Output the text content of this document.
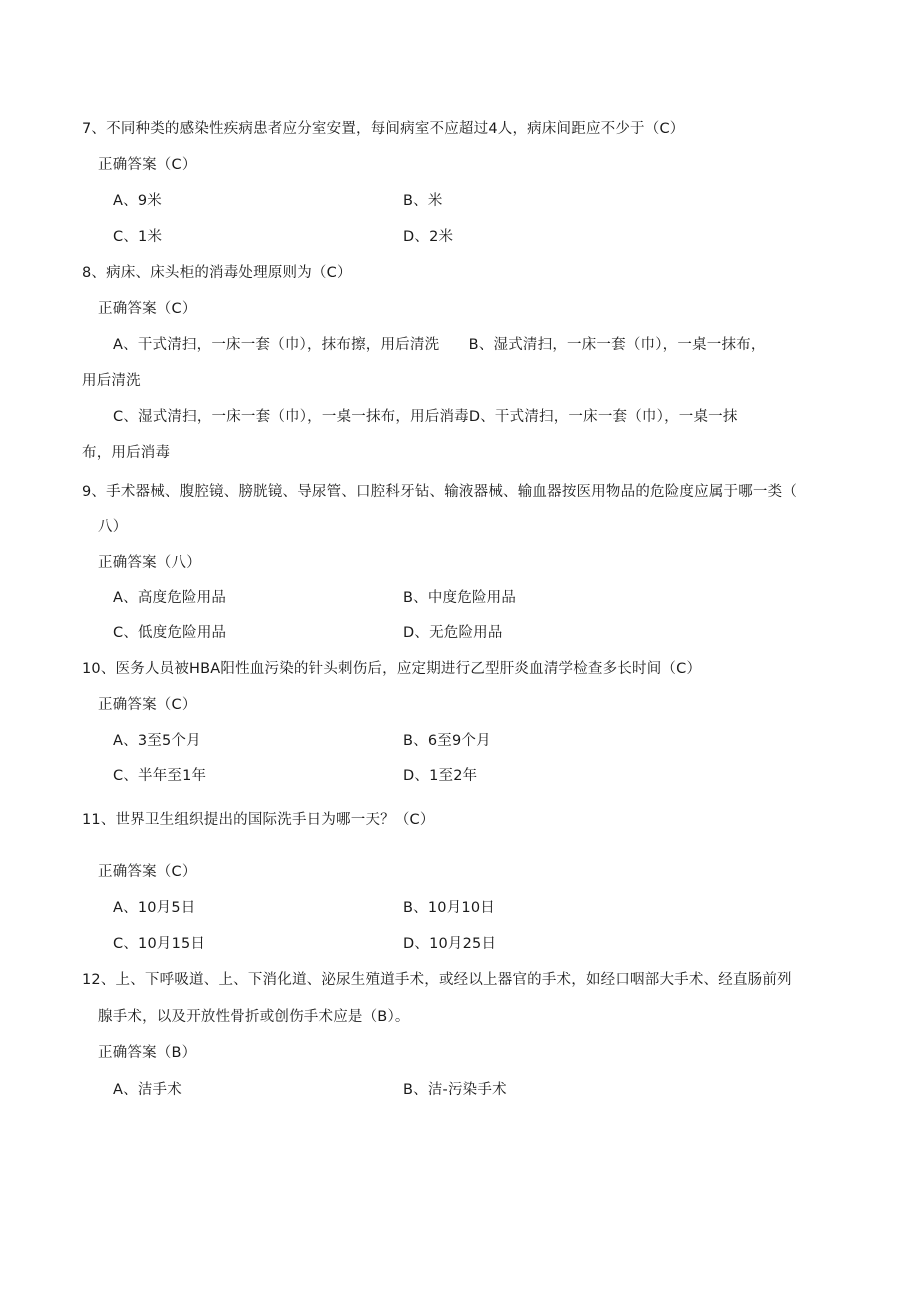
7、不同种类的感染性疾病患者应分室安置，每间病室不应超过4人，病床间距应不少于（C）
正确答案（C）
A、9米	B、米
C、1米	D、2米
8、病床、床头柜的消毒处理原则为（C）
正确答案（C）
A、干式清扫，一床一套（巾），抹布擦，用后清洗　　B、湿式清扫，一床一套（巾），一桌一抹布，
用后清洗
C、湿式清扫，一床一套（巾），一桌一抹布，用后消毒D、干式清扫，一床一套（巾），一桌一抹
布，用后消毒
9、手术器械、腹腔镜、膀胱镜、导尿管、口腔科牙钻、输液器械、输血器按医用物品的危险度应属于哪一类（
八）
正确答案（八）
A、高度危险用品	B、中度危险用品
C、低度危险用品	D、无危险用品
10、医务人员被HBA阳性血污染的针头刺伤后，应定期进行乙型肝炎血清学检查多长时间（C）
正确答案（C）
A、3至5个月	B、6至9个月
C、半年至1年	D、1至2年
11、世界卫生组织提出的国际洗手日为哪一天？（C）
正确答案（C）
A、10月5日	B、10月10日
C、10月15日	D、10月25日
12、上、下呼吸道、上、下消化道、泌尿生殖道手术，或经以上器官的手术，如经口咽部大手术、经直肠前列
腺手术，以及开放性骨折或创伤手术应是（B）。
正确答案（B）
A、洁手术	B、洁-污染手术
